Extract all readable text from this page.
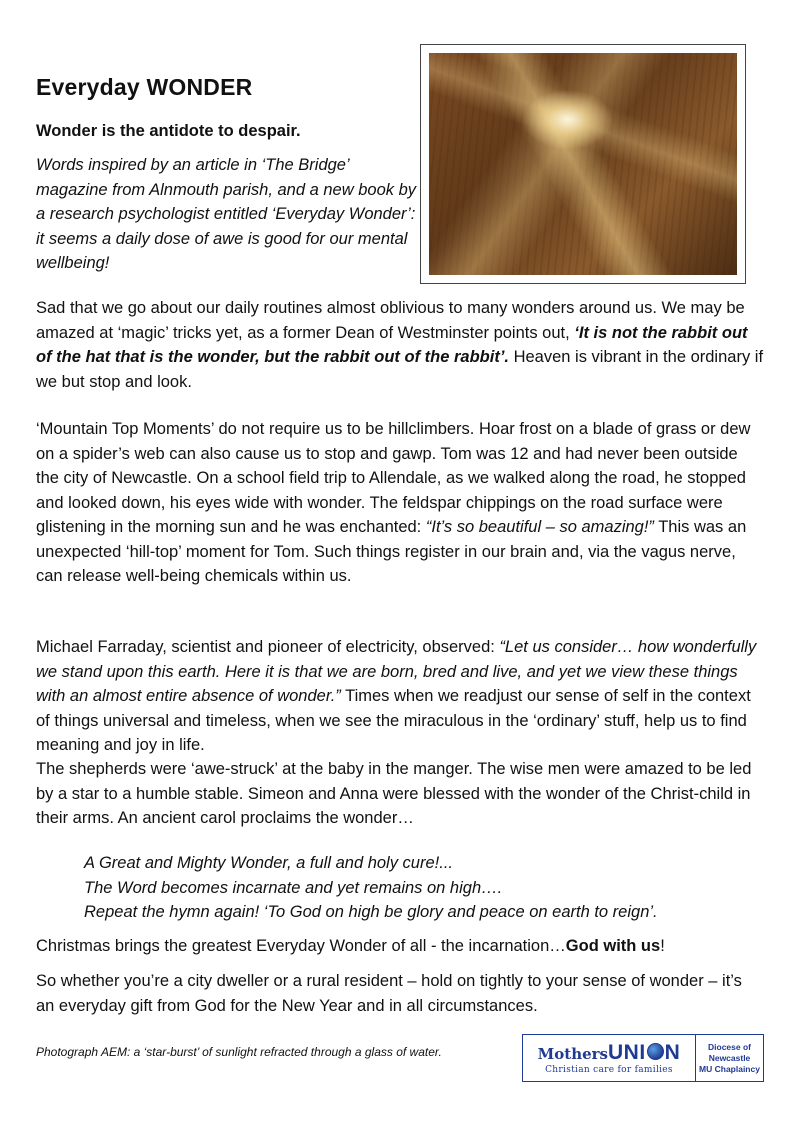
Everyday WONDER

Wonder is the antidote to despair.

Words inspired by an article in ‘The Bridge’ magazine from Alnmouth parish, and a new book by a research psychologist entitled ‘Everyday Wonder’: it seems a daily dose of awe is good for our mental wellbeing!

Sad that we go about our daily routines almost oblivious to many wonders around us. We may be amazed at ‘magic’ tricks yet, as a former Dean of Westminster points out, ‘It is not the rabbit out of the hat that is the wonder, but the rabbit out of the rabbit’. Heaven is vibrant in the ordinary if we but stop and look.

‘Mountain Top Moments’ do not require us to be hillclimbers. Hoar frost on a blade of grass or dew on a spider’s web can also cause us to stop and gawp. Tom was 12 and had never been outside the city of Newcastle. On a school field trip to Allendale, as we walked along the road, he stopped and looked down, his eyes wide with wonder. The feldspar chippings on the road surface were glistening in the morning sun and he was enchanted: “It’s so beautiful – so amazing!” This was an unexpected ‘hill-top’ moment for Tom. Such things register in our brain and, via the vagus nerve, can release well-being chemicals within us.

Michael Farraday, scientist and pioneer of electricity, observed: “Let us consider… how wonderfully we stand upon this earth. Here it is that we are born, bred and live, and yet we view these things with an almost entire absence of wonder.” Times when we readjust our sense of self in the context of things universal and timeless, when we see the miraculous in the ‘ordinary’ stuff, help us to find meaning and joy in life.

The shepherds were ‘awe-struck’ at the baby in the manger. The wise men were amazed to be led by a star to a humble stable. Simeon and Anna were blessed with the wonder of the Christ-child in their arms. An ancient carol proclaims the wonder…

A Great and Mighty Wonder, a full and holy cure!...
The Word becomes incarnate and yet remains on high….
Repeat the hymn again! ‘To God on high be glory and peace on earth to reign’.

Christmas brings the greatest Everyday Wonder of all - the incarnation…God with us!

So whether you’re a city dweller or a rural resident – hold on tightly to your sense of wonder – it’s an everyday gift from God for the New Year and in all circumstances.

Photograph AEM: a ‘star-burst’ of sunlight refracted through a glass of water.	Mothers UNI N
Christian care for families
Diocese of
Newcastle
MU Chaplaincy
